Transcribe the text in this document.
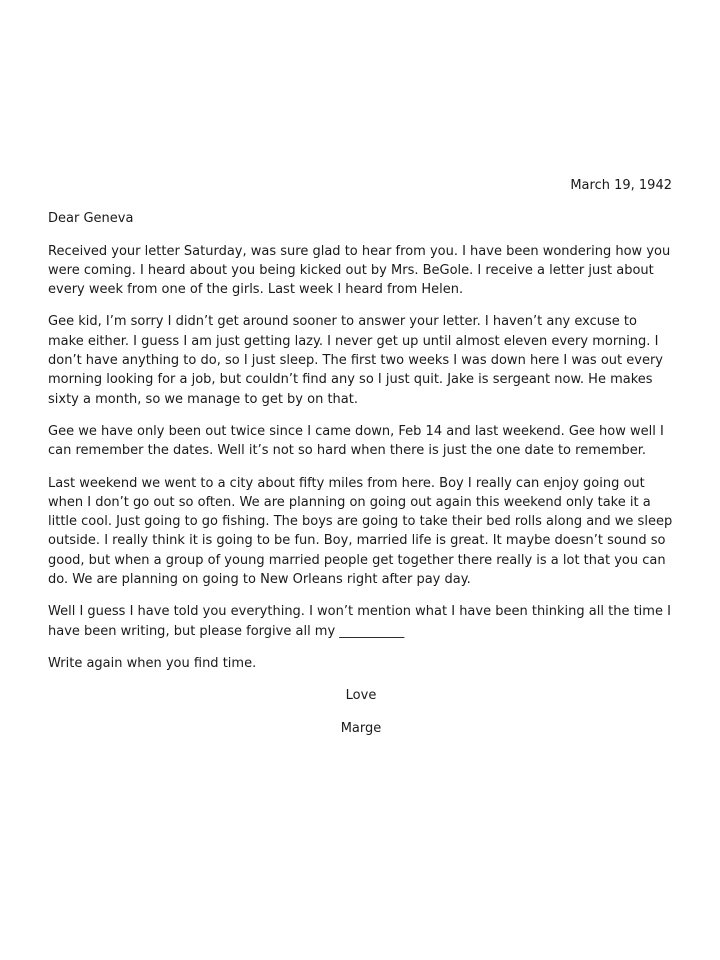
March 19, 1942

Dear Geneva

Received your letter Saturday, was sure glad to hear from you. I have been wondering how you were coming. I heard about you being kicked out by Mrs. BeGole. I receive a letter just about every week from one of the girls. Last week I heard from Helen.

Gee kid, I’m sorry I didn’t get around sooner to answer your letter. I haven’t any excuse to make either. I guess I am just getting lazy. I never get up until almost eleven every morning. I don’t have anything to do, so I just sleep. The first two weeks I was down here I was out every morning looking for a job, but couldn’t find any so I just quit. Jake is sergeant now. He makes sixty a month, so we manage to get by on that.

Gee we have only been out twice since I came down, Feb 14 and last weekend. Gee how well I can remember the dates. Well it’s not so hard when there is just the one date to remember.

Last weekend we went to a city about fifty miles from here. Boy I really can enjoy going out when I don’t go out so often. We are planning on going out again this weekend only take it a little cool. Just going to go fishing. The boys are going to take their bed rolls along and we sleep outside. I really think it is going to be fun. Boy, married life is great. It maybe doesn’t sound so good, but when a group of young married people get together there really is a lot that you can do. We are planning on going to New Orleans right after pay day.

Well I guess I have told you everything. I won’t mention what I have been thinking all the time I have been writing, but please forgive all my __________

Write again when you find time.

Love

Marge
